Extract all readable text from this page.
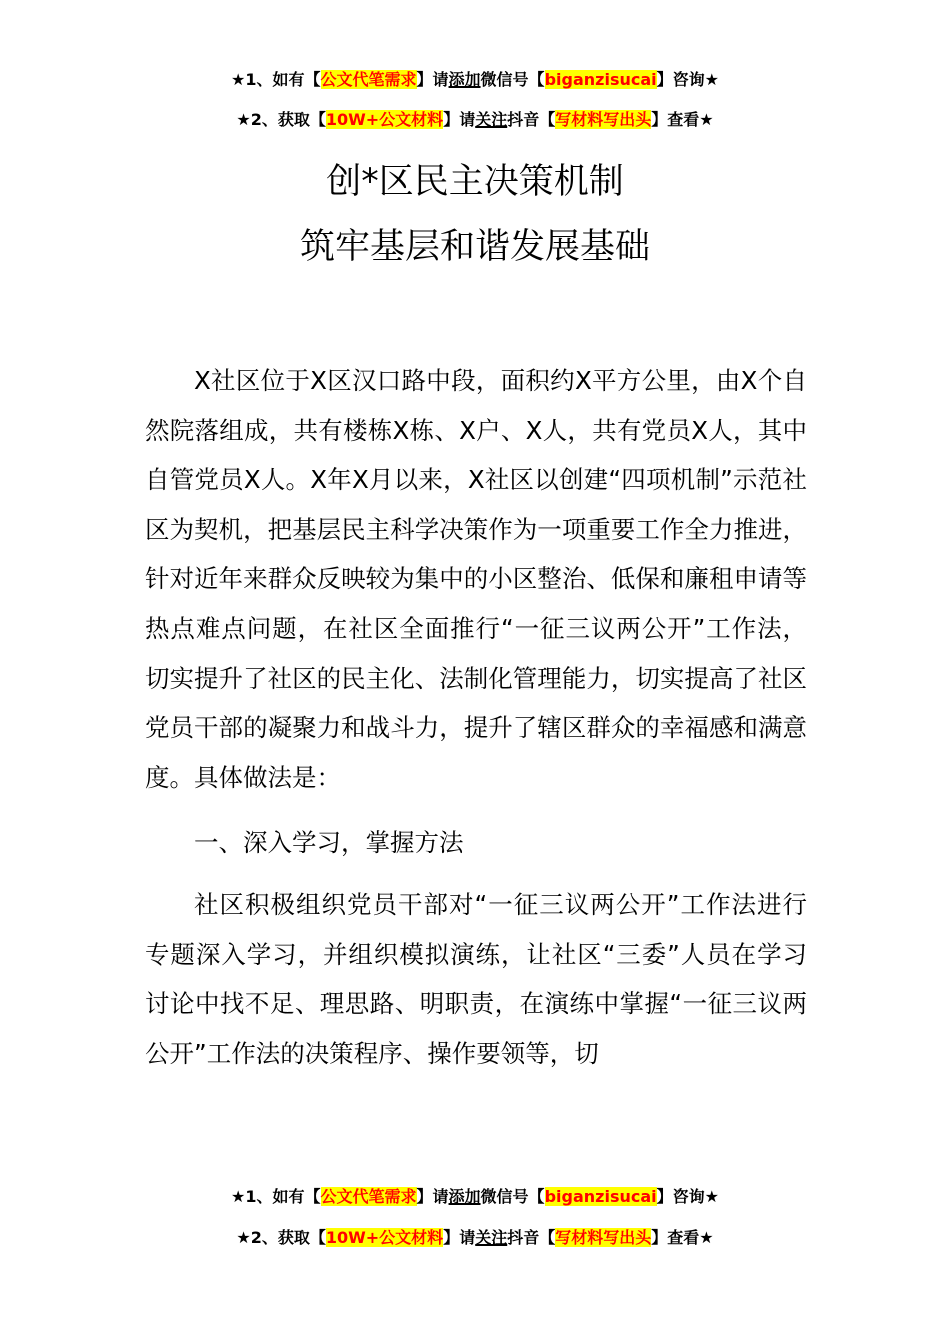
★1、如有【公文代笔需求】请添加微信号【biganzisucai】咨询★
★2、获取【10W+公文材料】请关注抖音【写材料写出头】查看★
创*区民主决策机制
筑牢基层和谐发展基础

X社区位于X区汉口路中段，面积约X平方公里，由X个自然院落组成，共有楼栋X栋、X户、X人，共有党员X人，其中自管党员X人。X年X月以来，X社区以创建“四项机制”示范社区为契机，把基层民主科学决策作为一项重要工作全力推进，针对近年来群众反映较为集中的小区整治、低保和廉租申请等热点难点问题，在社区全面推行“一征三议两公开”工作法，切实提升了社区的民主化、法制化管理能力，切实提高了社区党员干部的凝聚力和战斗力，提升了辖区群众的幸福感和满意度。具体做法是：

一、深入学习，掌握方法

社区积极组织党员干部对“一征三议两公开”工作法进行专题深入学习，并组织模拟演练，让社区“三委”人员在学习讨论中找不足、理思路、明职责，在演练中掌握“一征三议两公开”工作法的决策程序、操作要领等，切

★1、如有【公文代笔需求】请添加微信号【biganzisucai】咨询★
★2、获取【10W+公文材料】请关注抖音【写材料写出头】查看★
